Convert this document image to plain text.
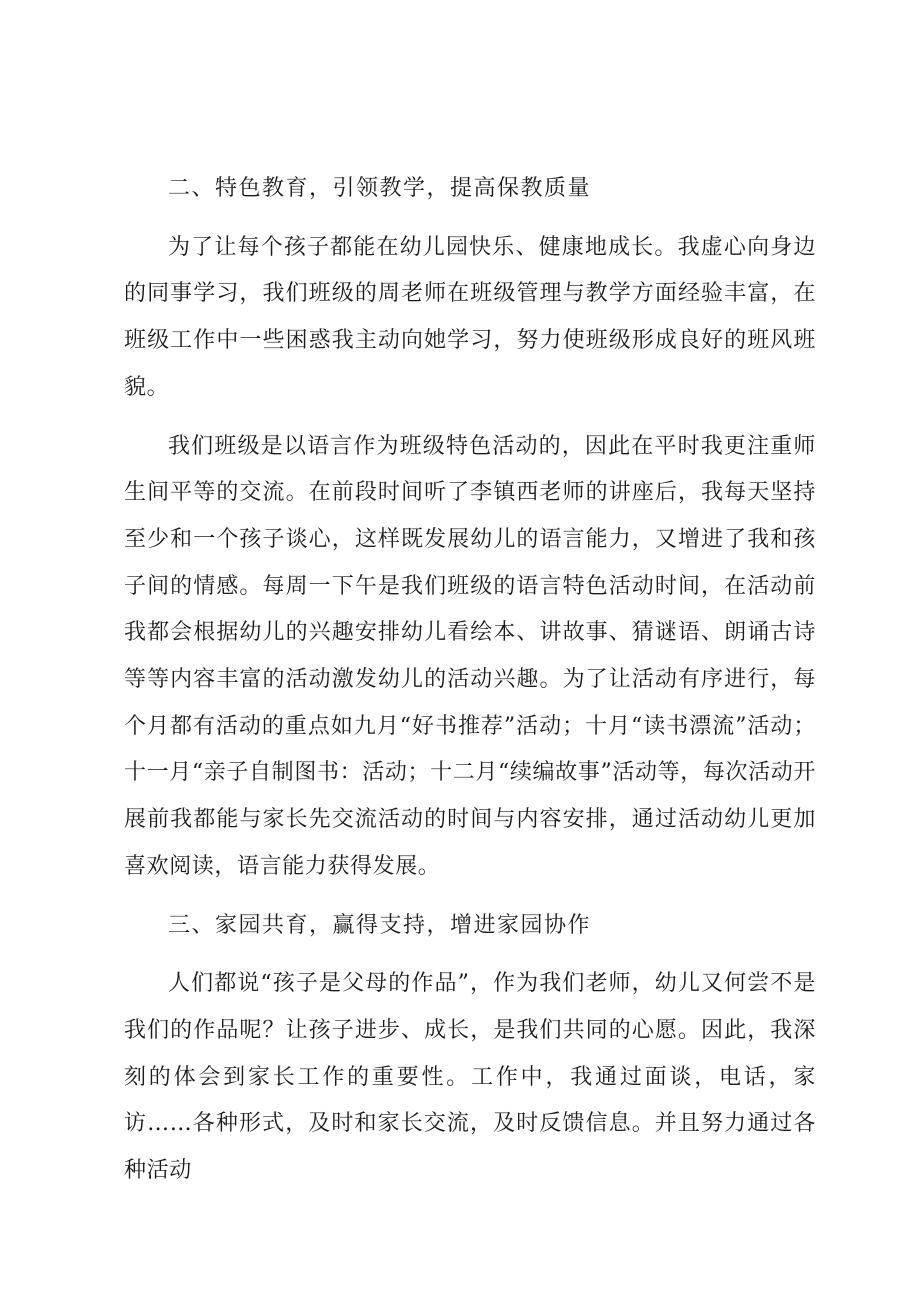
二、特色教育，引领教学，提高保教质量

为了让每个孩子都能在幼儿园快乐、健康地成长。我虚心向身边的同事学习，我们班级的周老师在班级管理与教学方面经验丰富，在班级工作中一些困惑我主动向她学习，努力使班级形成良好的班风班貌。

我们班级是以语言作为班级特色活动的，因此在平时我更注重师生间平等的交流。在前段时间听了李镇西老师的讲座后，我每天坚持至少和一个孩子谈心，这样既发展幼儿的语言能力，又增进了我和孩子间的情感。每周一下午是我们班级的语言特色活动时间，在活动前我都会根据幼儿的兴趣安排幼儿看绘本、讲故事、猜谜语、朗诵古诗等等内容丰富的活动激发幼儿的活动兴趣。为了让活动有序进行，每个月都有活动的重点如九月“好书推荐”活动；十月“读书漂流”活动；十一月“亲子自制图书：活动；十二月“续编故事”活动等，每次活动开展前我都能与家长先交流活动的时间与内容安排，通过活动幼儿更加喜欢阅读，语言能力获得发展。

三、家园共育，赢得支持，增进家园协作

人们都说“孩子是父母的作品”，作为我们老师，幼儿又何尝不是我们的作品呢？让孩子进步、成长，是我们共同的心愿。因此，我深刻的体会到家长工作的重要性。工作中，我通过面谈，电话，家访……各种形式，及时和家长交流，及时反馈信息。并且努力通过各种活动
